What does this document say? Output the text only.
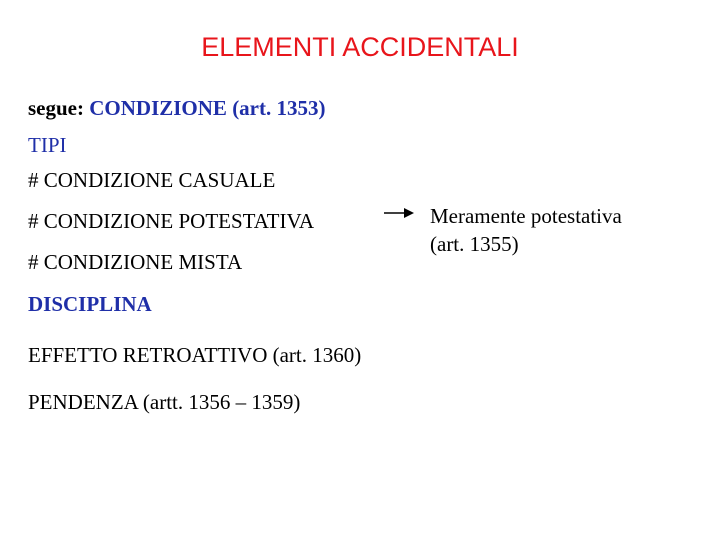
ELEMENTI ACCIDENTALI
segue: CONDIZIONE (art. 1353)
TIPI
# CONDIZIONE CASUALE
# CONDIZIONE POTESTATIVA
# CONDIZIONE MISTA
Meramente potestativa
(art. 1355)
DISCIPLINA
EFFETTO RETROATTIVO (art. 1360)
PENDENZA (artt. 1356 – 1359)
